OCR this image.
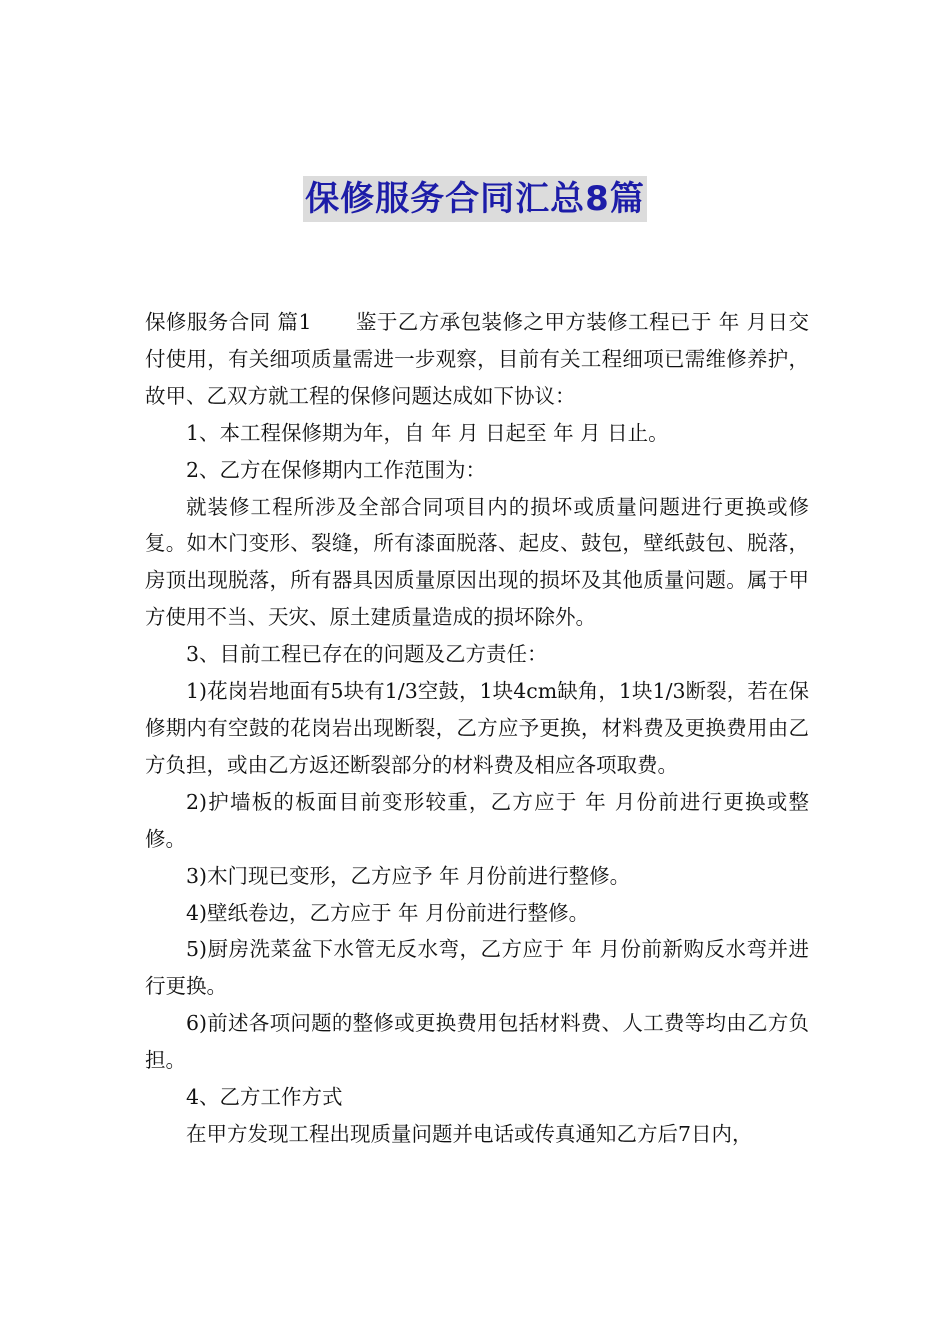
保修服务合同汇总8篇

保修服务合同 篇1 鉴于乙方承包装修之甲方装修工程已于 年 月日交付使用，有关细项质量需进一步观察，目前有关工程细项已需维修养护，故甲、乙双方就工程的保修问题达成如下协议：

1、本工程保修期为年，自 年 月 日起至 年 月 日止。

2、乙方在保修期内工作范围为：

就装修工程所涉及全部合同项目内的损坏或质量问题进行更换或修复。如木门变形、裂缝，所有漆面脱落、起皮、鼓包，壁纸鼓包、脱落，房顶出现脱落，所有器具因质量原因出现的损坏及其他质量问题。属于甲方使用不当、天灾、原土建质量造成的损坏除外。

3、目前工程已存在的问题及乙方责任：

1)花岗岩地面有5块有1/3空鼓，1块4cm缺角，1块1/3断裂，若在保修期内有空鼓的花岗岩出现断裂，乙方应予更换，材料费及更换费用由乙方负担，或由乙方返还断裂部分的材料费及相应各项取费。

2)护墙板的板面目前变形较重，乙方应于 年 月份前进行更换或整修。

3)木门现已变形，乙方应予 年 月份前进行整修。

4)壁纸卷边，乙方应于 年 月份前进行整修。

5)厨房洗菜盆下水管无反水弯，乙方应于 年 月份前新购反水弯并进行更换。

6)前述各项问题的整修或更换费用包括材料费、人工费等均由乙方负担。

4、乙方工作方式

在甲方发现工程出现质量问题并电话或传真通知乙方后7日内，
